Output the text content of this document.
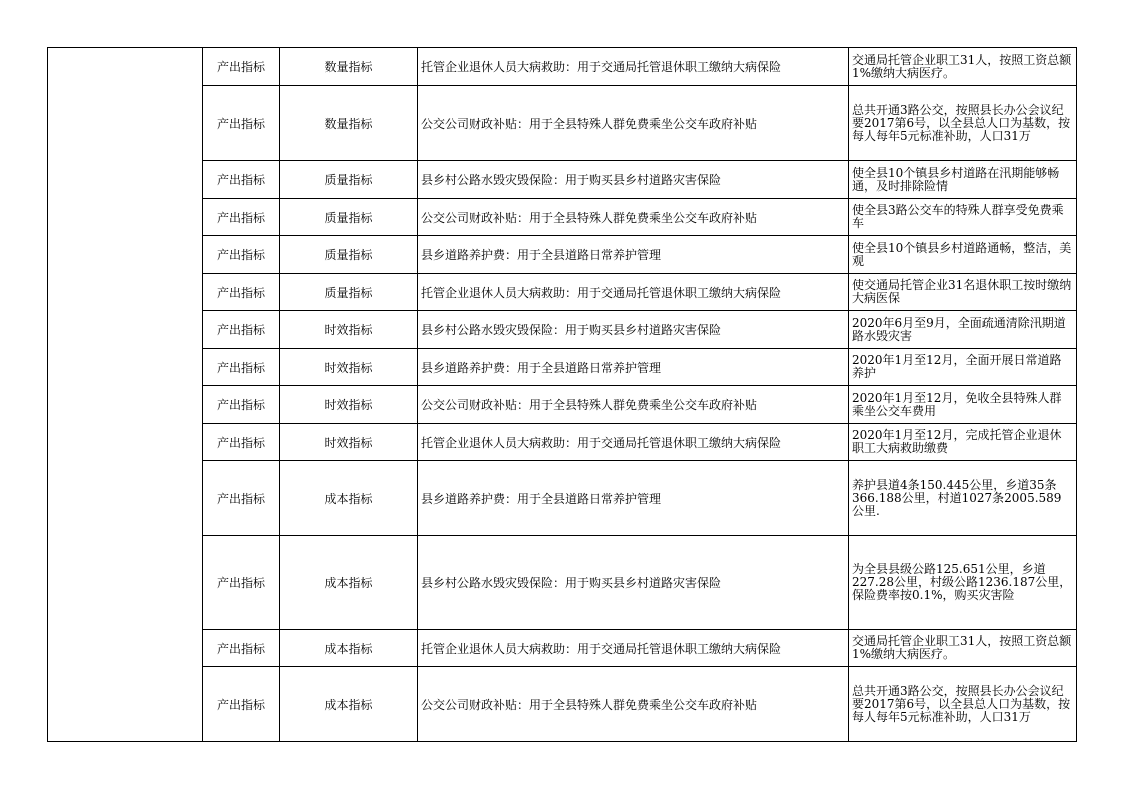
	产出指标	数量指标	托管企业退休人员大病救助：用于交通局托管退休职工缴纳大病保险	交通局托管企业职工31人，按照工资总额1%缴纳大病医疗。
	产出指标	数量指标	公交公司财政补贴：用于全县特殊人群免费乘坐公交车政府补贴	总共开通3路公交，按照县长办公会议纪要2017第6号，以全县总人口为基数，按每人每年5元标准补助，人口31万
	产出指标	质量指标	县乡村公路水毁灾毁保险：用于购买县乡村道路灾害保险	使全县10个镇县乡村道路在汛期能够畅通，及时排除险情
	产出指标	质量指标	公交公司财政补贴：用于全县特殊人群免费乘坐公交车政府补贴	使全县3路公交车的特殊人群享受免费乘车
	产出指标	质量指标	县乡道路养护费：用于全县道路日常养护管理	使全县10个镇县乡村道路通畅，整洁，美观
	产出指标	质量指标	托管企业退休人员大病救助：用于交通局托管退休职工缴纳大病保险	使交通局托管企业31名退休职工按时缴纳大病医保
	产出指标	时效指标	县乡村公路水毁灾毁保险：用于购买县乡村道路灾害保险	2020年6月至9月，全面疏通清除汛期道路水毁灾害
	产出指标	时效指标	县乡道路养护费：用于全县道路日常养护管理	2020年1月至12月，全面开展日常道路养护
	产出指标	时效指标	公交公司财政补贴：用于全县特殊人群免费乘坐公交车政府补贴	2020年1月至12月，免收全县特殊人群乘坐公交车费用
	产出指标	时效指标	托管企业退休人员大病救助：用于交通局托管退休职工缴纳大病保险	2020年1月至12月，完成托管企业退休职工大病救助缴费
	产出指标	成本指标	县乡道路养护费：用于全县道路日常养护管理	养护县道4条150.445公里，乡道35条366.188公里，村道1027条2005.589公里.
	产出指标	成本指标	县乡村公路水毁灾毁保险：用于购买县乡村道路灾害保险	为全县县级公路125.651公里，乡道227.28公里，村级公路1236.187公里，保险费率按0.1%，购买灾害险
	产出指标	成本指标	托管企业退休人员大病救助：用于交通局托管退休职工缴纳大病保险	交通局托管企业职工31人，按照工资总额1%缴纳大病医疗。
	产出指标	成本指标	公交公司财政补贴：用于全县特殊人群免费乘坐公交车政府补贴	总共开通3路公交，按照县长办公会议纪要2017第6号，以全县总人口为基数，按每人每年5元标准补助，人口31万
